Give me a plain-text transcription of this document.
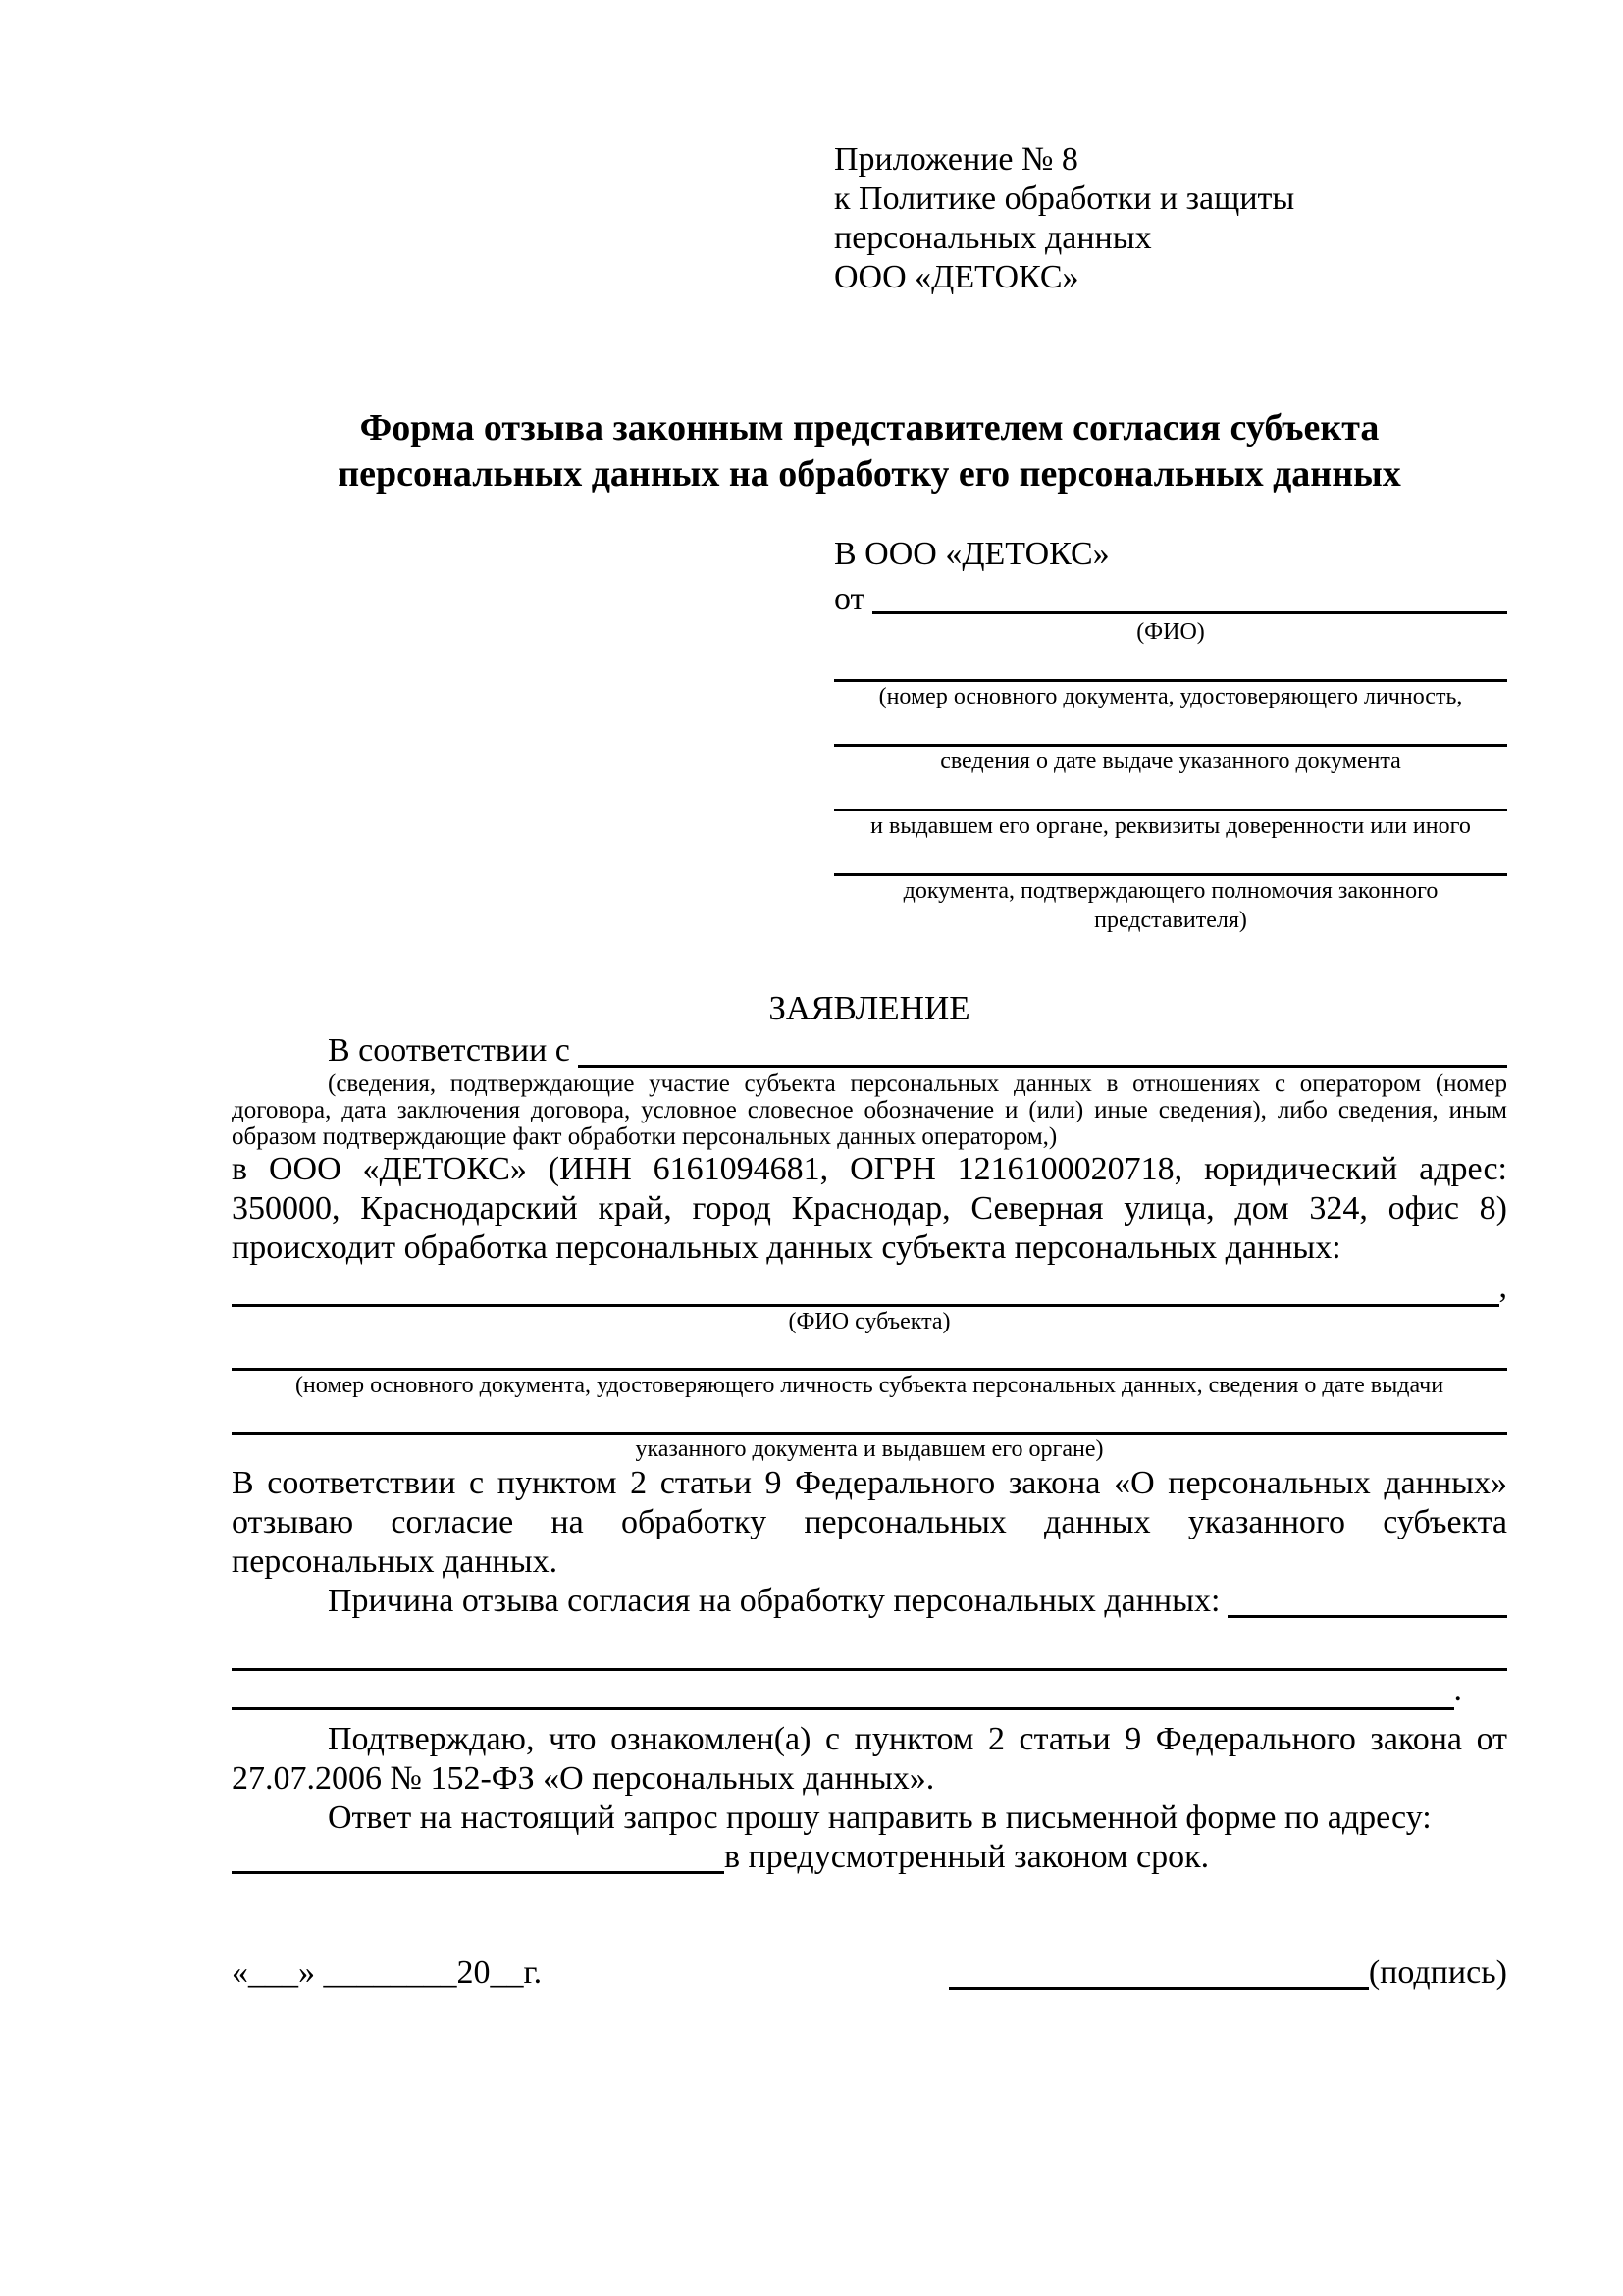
Приложение № 8
к Политике обработки и защиты
персональных данных
ООО «ДЕТОКС»
Форма отзыва законным представителем согласия субъекта
персональных данных на обработку его персональных данных
В ООО «ДЕТОКС»
от
(ФИО)
(номер основного документа, удостоверяющего личность,
сведения о дате выдаче указанного документа
и выдавшем его органе, реквизиты доверенности или иного
документа, подтверждающего полномочия законного представителя)
ЗАЯВЛЕНИЕ
В соответствии с
(сведения, подтверждающие участие субъекта персональных данных в отношениях с оператором (номер договора, дата заключения договора, условное словесное обозначение и (или) иные сведения), либо сведения, иным образом подтверждающие факт обработки персональных данных оператором,)

в ООО «ДЕТОКС» (ИНН 6161094681, ОГРН 1216100020718, юридический адрес: 350000, Краснодарский край, город Краснодар, Северная улица, дом 324, офис 8) происходит обработка персональных данных субъекта персональных данных:

,
(ФИО субъекта)
(номер основного документа, удостоверяющего личность субъекта персональных данных, сведения о дате выдачи
указанного документа и выдавшем его органе)

В соответствии с пунктом 2 статьи 9 Федерального закона «О персональных данных» отзываю согласие на обработку персональных данных указанного субъекта персональных данных.

Причина отзыва согласия на обработку персональных данных:
.

Подтверждаю, что ознакомлен(а) с пунктом 2 статьи 9 Федерального закона от 27.07.2006 № 152-ФЗ «О персональных данных».

Ответ на настоящий запрос прошу направить в письменной форме по адресу:

в предусмотренный законом срок.
«___» ________20__г.	(подпись)
